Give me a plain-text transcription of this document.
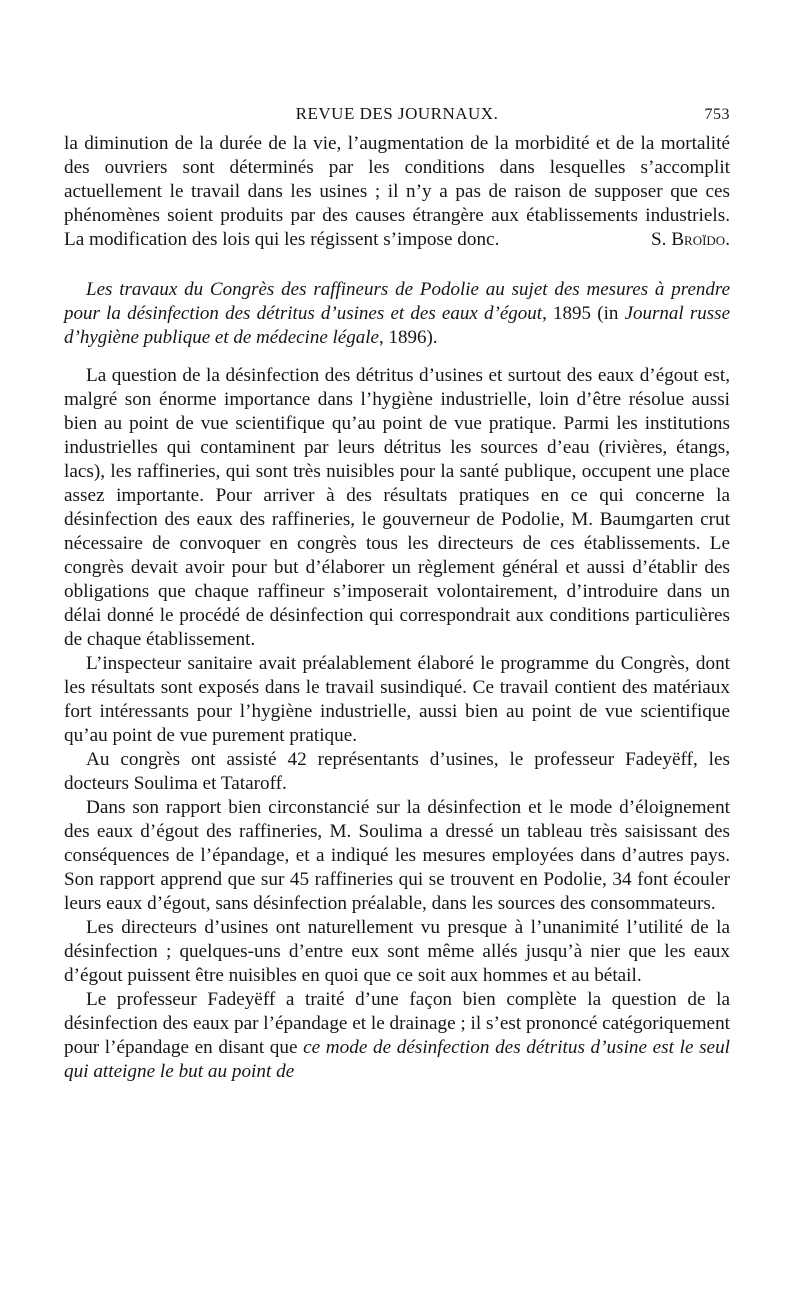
REVUE DES JOURNAUX.	753

la diminution de la durée de la vie, l’augmentation de la morbidité et de la mortalité des ouvriers sont déterminés par les conditions dans lesquelles s’accomplit actuellement le travail dans les usines ; il n’y a pas de raison de supposer que ces phénomènes soient produits par des causes étrangère aux établissements industriels. La modification des lois qui les régissent s’impose donc.	S. Broïdo.

Les travaux du Congrès des raffineurs de Podolie au sujet des mesures à prendre pour la désinfection des détritus d’usines et des eaux d’égout, 1895 (in Journal russe d’hygiène publique et de médecine légale, 1896).

La question de la désinfection des détritus d’usines et surtout des eaux d’égout est, malgré son énorme importance dans l’hygiène industrielle, loin d’être résolue aussi bien au point de vue scientifique qu’au point de vue pratique. Parmi les institutions industrielles qui contaminent par leurs détritus les sources d’eau (rivières, étangs, lacs), les raffineries, qui sont très nuisibles pour la santé publique, occupent une place assez importante. Pour arriver à des résultats pratiques en ce qui concerne la désinfection des eaux des raffineries, le gouverneur de Podolie, M. Baumgarten crut nécessaire de convoquer en congrès tous les directeurs de ces établissements. Le congrès devait avoir pour but d’élaborer un règlement général et aussi d’établir des obligations que chaque raffineur s’imposerait volontairement, d’introduire dans un délai donné le procédé de désinfection qui correspondrait aux conditions particulières de chaque établissement.

L’inspecteur sanitaire avait préalablement élaboré le programme du Congrès, dont les résultats sont exposés dans le travail susindiqué. Ce travail contient des matériaux fort intéressants pour l’hygiène industrielle, aussi bien au point de vue scientifique qu’au point de vue purement pratique.

Au congrès ont assisté 42 représentants d’usines, le professeur Fadeyëff, les docteurs Soulima et Tataroff.

Dans son rapport bien circonstancié sur la désinfection et le mode d’éloignement des eaux d’égout des raffineries, M. Soulima a dressé un tableau très saisissant des conséquences de l’épandage, et a indiqué les mesures employées dans d’autres pays. Son rapport apprend que sur 45 raffineries qui se trouvent en Podolie, 34 font écouler leurs eaux d’égout, sans désinfection préalable, dans les sources des consommateurs.

Les directeurs d’usines ont naturellement vu presque à l’unanimité l’utilité de la désinfection ; quelques-uns d’entre eux sont même allés jusqu’à nier que les eaux d’égout puissent être nuisibles en quoi que ce soit aux hommes et au bétail.

Le professeur Fadeyëff a traité d’une façon bien complète la question de la désinfection des eaux par l’épandage et le drainage ; il s’est prononcé catégoriquement pour l’épandage en disant que ce mode de désinfection des détritus d’usine est le seul qui atteigne le but au point de
